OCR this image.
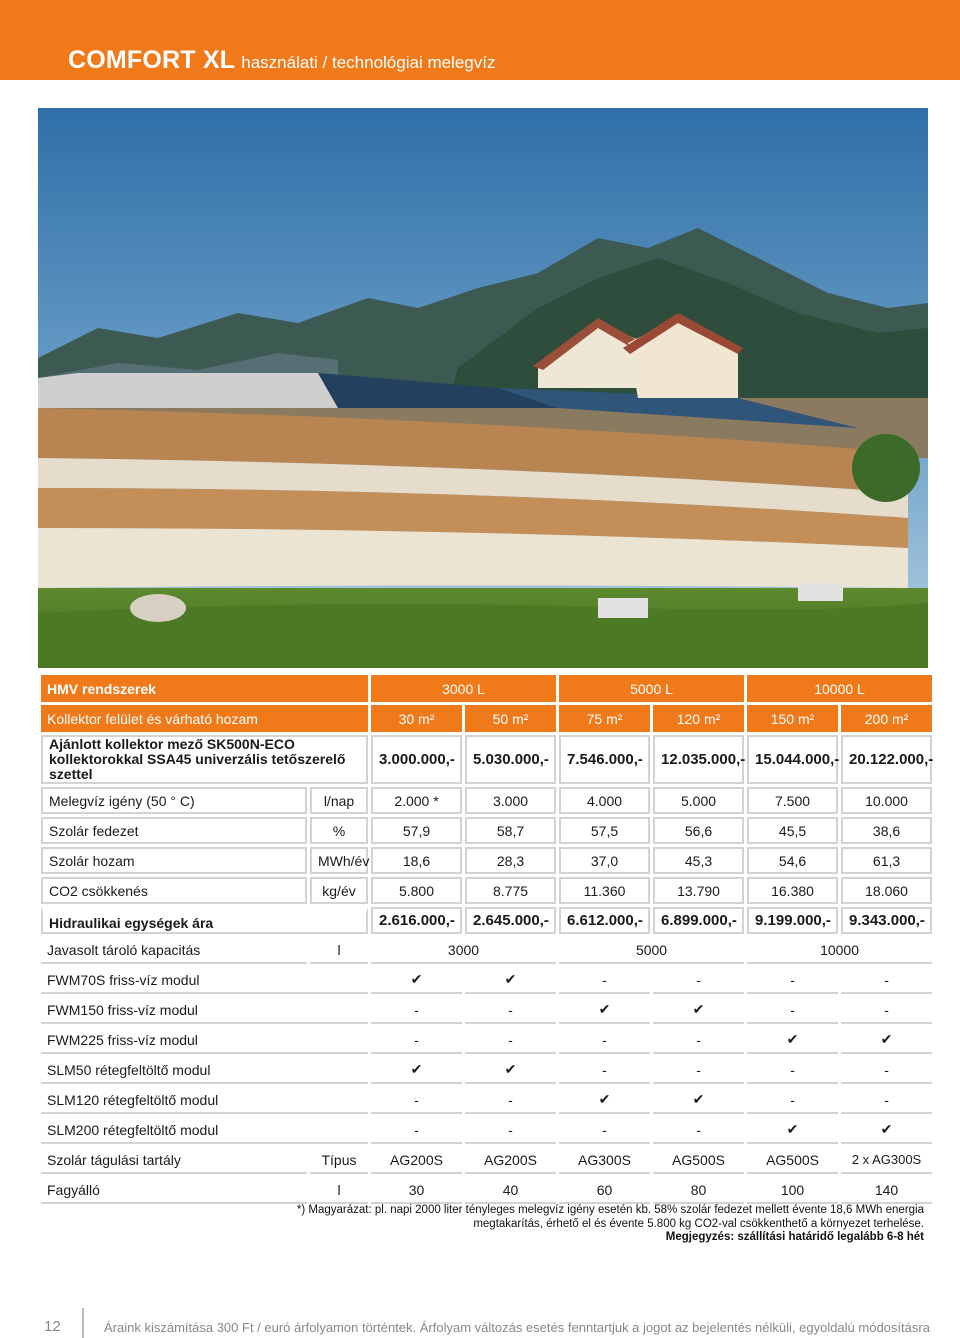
COMFORT XL használati / technológiai melegvíz
HMV rendszerek		3000 L		5000 L		10000 L	
Kollektor felület és várható hozam		30 m²	50 m²	75 m²	120 m²	150 m²	200 m²
Ajánlott kollektor mező SK500N-ECO kollektorokkal SSA45 univerzális tetőszerelő szettel		3.000.000,-	5.030.000,-	7.546.000,-	12.035.000,-	15.044.000,-	20.122.000,-
Melegvíz igény (50 ° C)	l/nap	2.000 *	3.000	4.000	5.000	7.500	10.000
Szolár fedezet	%	57,9	58,7	57,5	56,6	45,5	38,6
Szolár hozam	MWh/év	18,6	28,3	37,0	45,3	54,6	61,3
CO2 csökkenés	kg/év	5.800	8.775	11.360	13.790	16.380	18.060
Hidraulikai egységek ára		2.616.000,-	2.645.000,-	6.612.000,-	6.899.000,-	9.199.000,-	9.343.000,-
Javasolt tároló kapacitás	l	3000		5000		10000	
FWM70S friss-víz modul		✔	✔	-	-	-	-
FWM150 friss-víz modul		-	-	✔	✔	-	-
FWM225 friss-víz modul		-	-	-	-	✔	✔
SLM50 rétegfeltöltő modul		✔	✔	-	-	-	-
SLM120 rétegfeltöltő modul		-	-	✔	✔	-	-
SLM200 rétegfeltöltő modul		-	-	-	-	✔	✔
Szolár tágulási tartály	Típus	AG200S	AG200S	AG300S	AG500S	AG500S	2 x AG300S
Fagyálló	l	30	40	60	80	100	140
*) Magyarázat: pl. napi 2000 liter tényleges melegvíz igény esetén kb. 58% szolár fedezet mellett évente 18,6 MWh energia
megtakarítás, érhető el és évente 5.800 kg CO2-val csökkenthető a környezet terhelése.
Megjegyzés: szállítási határidő legalább 6-8 hét
12	Áraink kiszámítása 300 Ft / euró árfolyamon történtek. Árfolyam változás esetés fenntartjuk a jogot az bejelentés nélküli, egyoldalú módosításra
